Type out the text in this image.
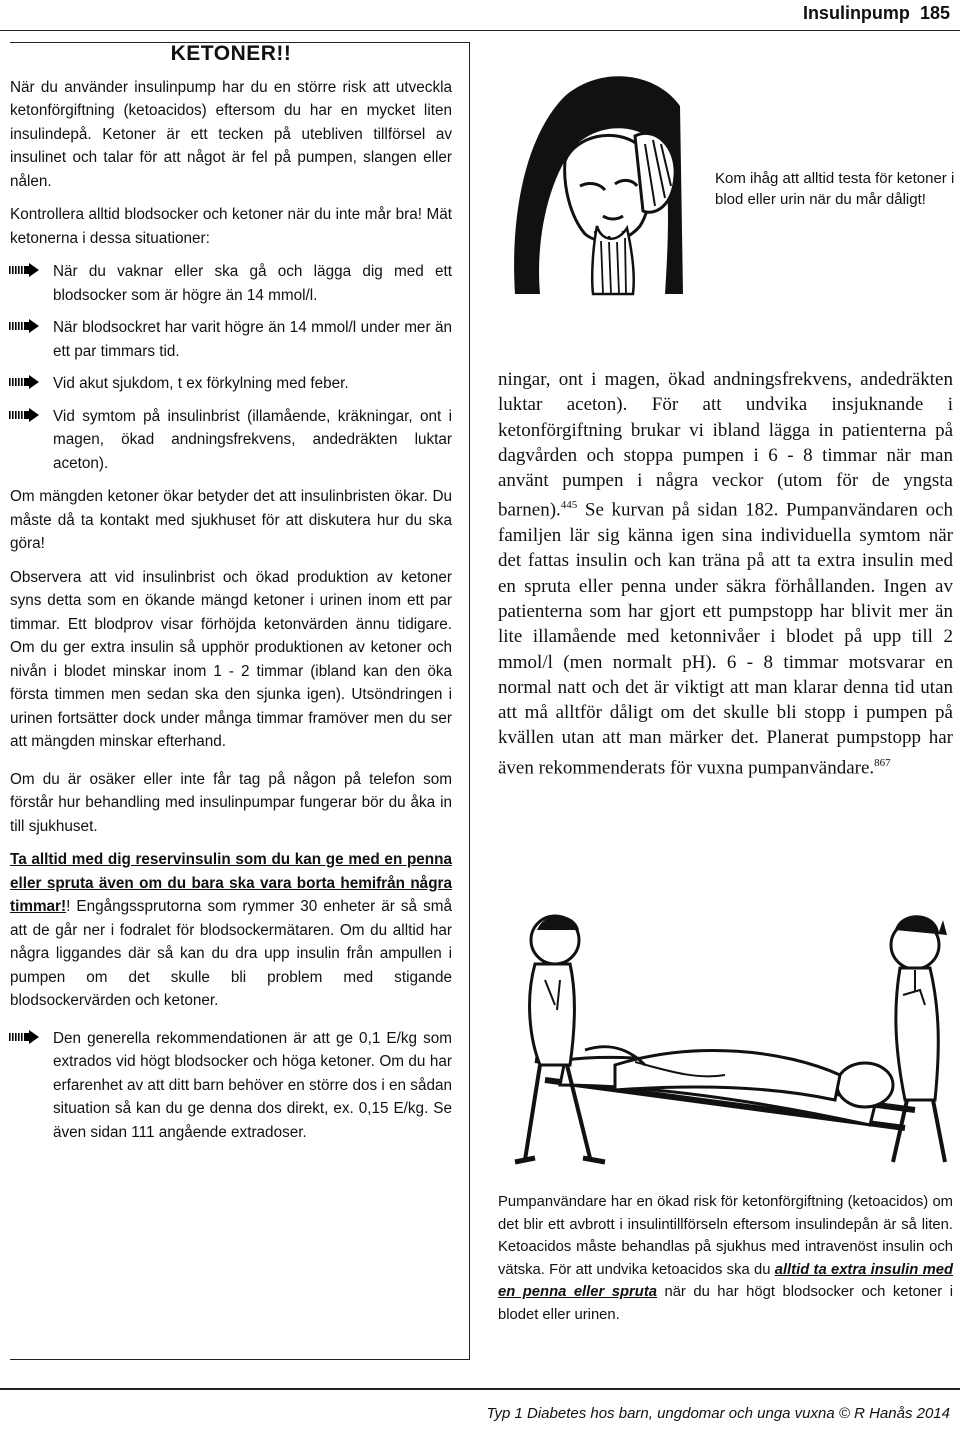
Insulinpump 185
KETONER!!

När du använder insulinpump har du en större risk att utveckla ketonförgiftning (ketoacidos) eftersom du har en mycket liten insulindepå. Ketoner är ett tecken på utebliven tillförsel av insulinet och talar för att något är fel på pumpen, slangen eller nålen.

Kontrollera alltid blodsocker och ketoner när du inte mår bra! Mät ketonerna i dessa situationer:

När du vaknar eller ska gå och lägga dig med ett blodsocker som är högre än 14 mmol/l.
När blodsockret har varit högre än 14 mmol/l under mer än ett par timmars tid.
Vid akut sjukdom, t ex förkylning med feber.
Vid symtom på insulinbrist (illamående, kräkningar, ont i magen, ökad andningsfrekvens, andedräkten luktar aceton).

Om mängden ketoner ökar betyder det att insulinbristen ökar. Du måste då ta kontakt med sjukhuset för att diskutera hur du ska göra!

Observera att vid insulinbrist och ökad produktion av ketoner syns detta som en ökande mängd ketoner i urinen inom ett par timmar. Ett blodprov visar förhöjda ketonvärden ännu tidigare. Om du ger extra insulin så upphör produktionen av ketoner och nivån i blodet minskar inom 1 - 2 timmar (ibland kan den öka första timmen men sedan ska den sjunka igen). Utsöndringen i urinen fortsätter dock under många timmar framöver men du ser att mängden minskar efterhand.

Om du är osäker eller inte får tag på någon på telefon som förstår hur behandling med insulinpumpar fungerar bör du åka in till sjukhuset.

Ta alltid med dig reservinsulin som du kan ge med en penna eller spruta även om du bara ska vara borta hemifrån några timmar!! Engångssprutorna som rymmer 30 enheter är så små att de går ner i fodralet för blodsockermätaren. Om du alltid har några liggandes där så kan du dra upp insulin från ampullen i pumpen om det skulle bli problem med stigande blodsockervärden och ketoner.

Den generella rekommendationen är att ge 0,1 E/kg som extrados vid högt blodsocker och höga ketoner. Om du har erfarenhet av att ditt barn behöver en större dos i en sådan situation så kan du ge denna dos direkt, ex. 0,15 E/kg. Se även sidan 111 angående extradoser.
Kom ihåg att alltid testa för ketoner i blod eller urin när du mår dåligt!
ningar, ont i magen, ökad andningsfrekvens, andedräkten luktar aceton). För att undvika insjuknande i ketonförgiftning brukar vi ibland lägga in patienterna på dagvården och stoppa pumpen i 6 - 8 timmar när man använt pumpen i några veckor (utom för de yngsta barnen).$^{445}$ Se kurvan på sidan 182. Pumpanvändaren och familjen lär sig känna igen sina individuella symtom när det fattas insulin och kan träna på att ta extra insulin med en spruta eller penna under säkra förhållanden. Ingen av patienterna som har gjort ett pumpstopp har blivit mer än lite illamående med ketonnivåer i blodet på upp till 2 mmol/l (men normalt pH). 6 - 8 timmar motsvarar en normal natt och det är viktigt att man klarar denna tid utan att må alltför dåligt om det skulle bli stopp i pumpen på kvällen utan att man märker det. Planerat pumpstopp har även rekommenderats för vuxna pumpanvändare.$^{867}$
Pumpanvändare har en ökad risk för ketonförgiftning (ketoacidos) om det blir ett avbrott i insulintillförseln eftersom insulindepån är så liten. Ketoacidos måste behandlas på sjukhus med intravenöst insulin och vätska. För att undvika ketoacidos ska du alltid ta extra insulin med en penna eller spruta när du har högt blodsocker och ketoner i blodet eller urinen.
Typ 1 Diabetes hos barn, ungdomar och unga vuxna © R Hanås 2014
